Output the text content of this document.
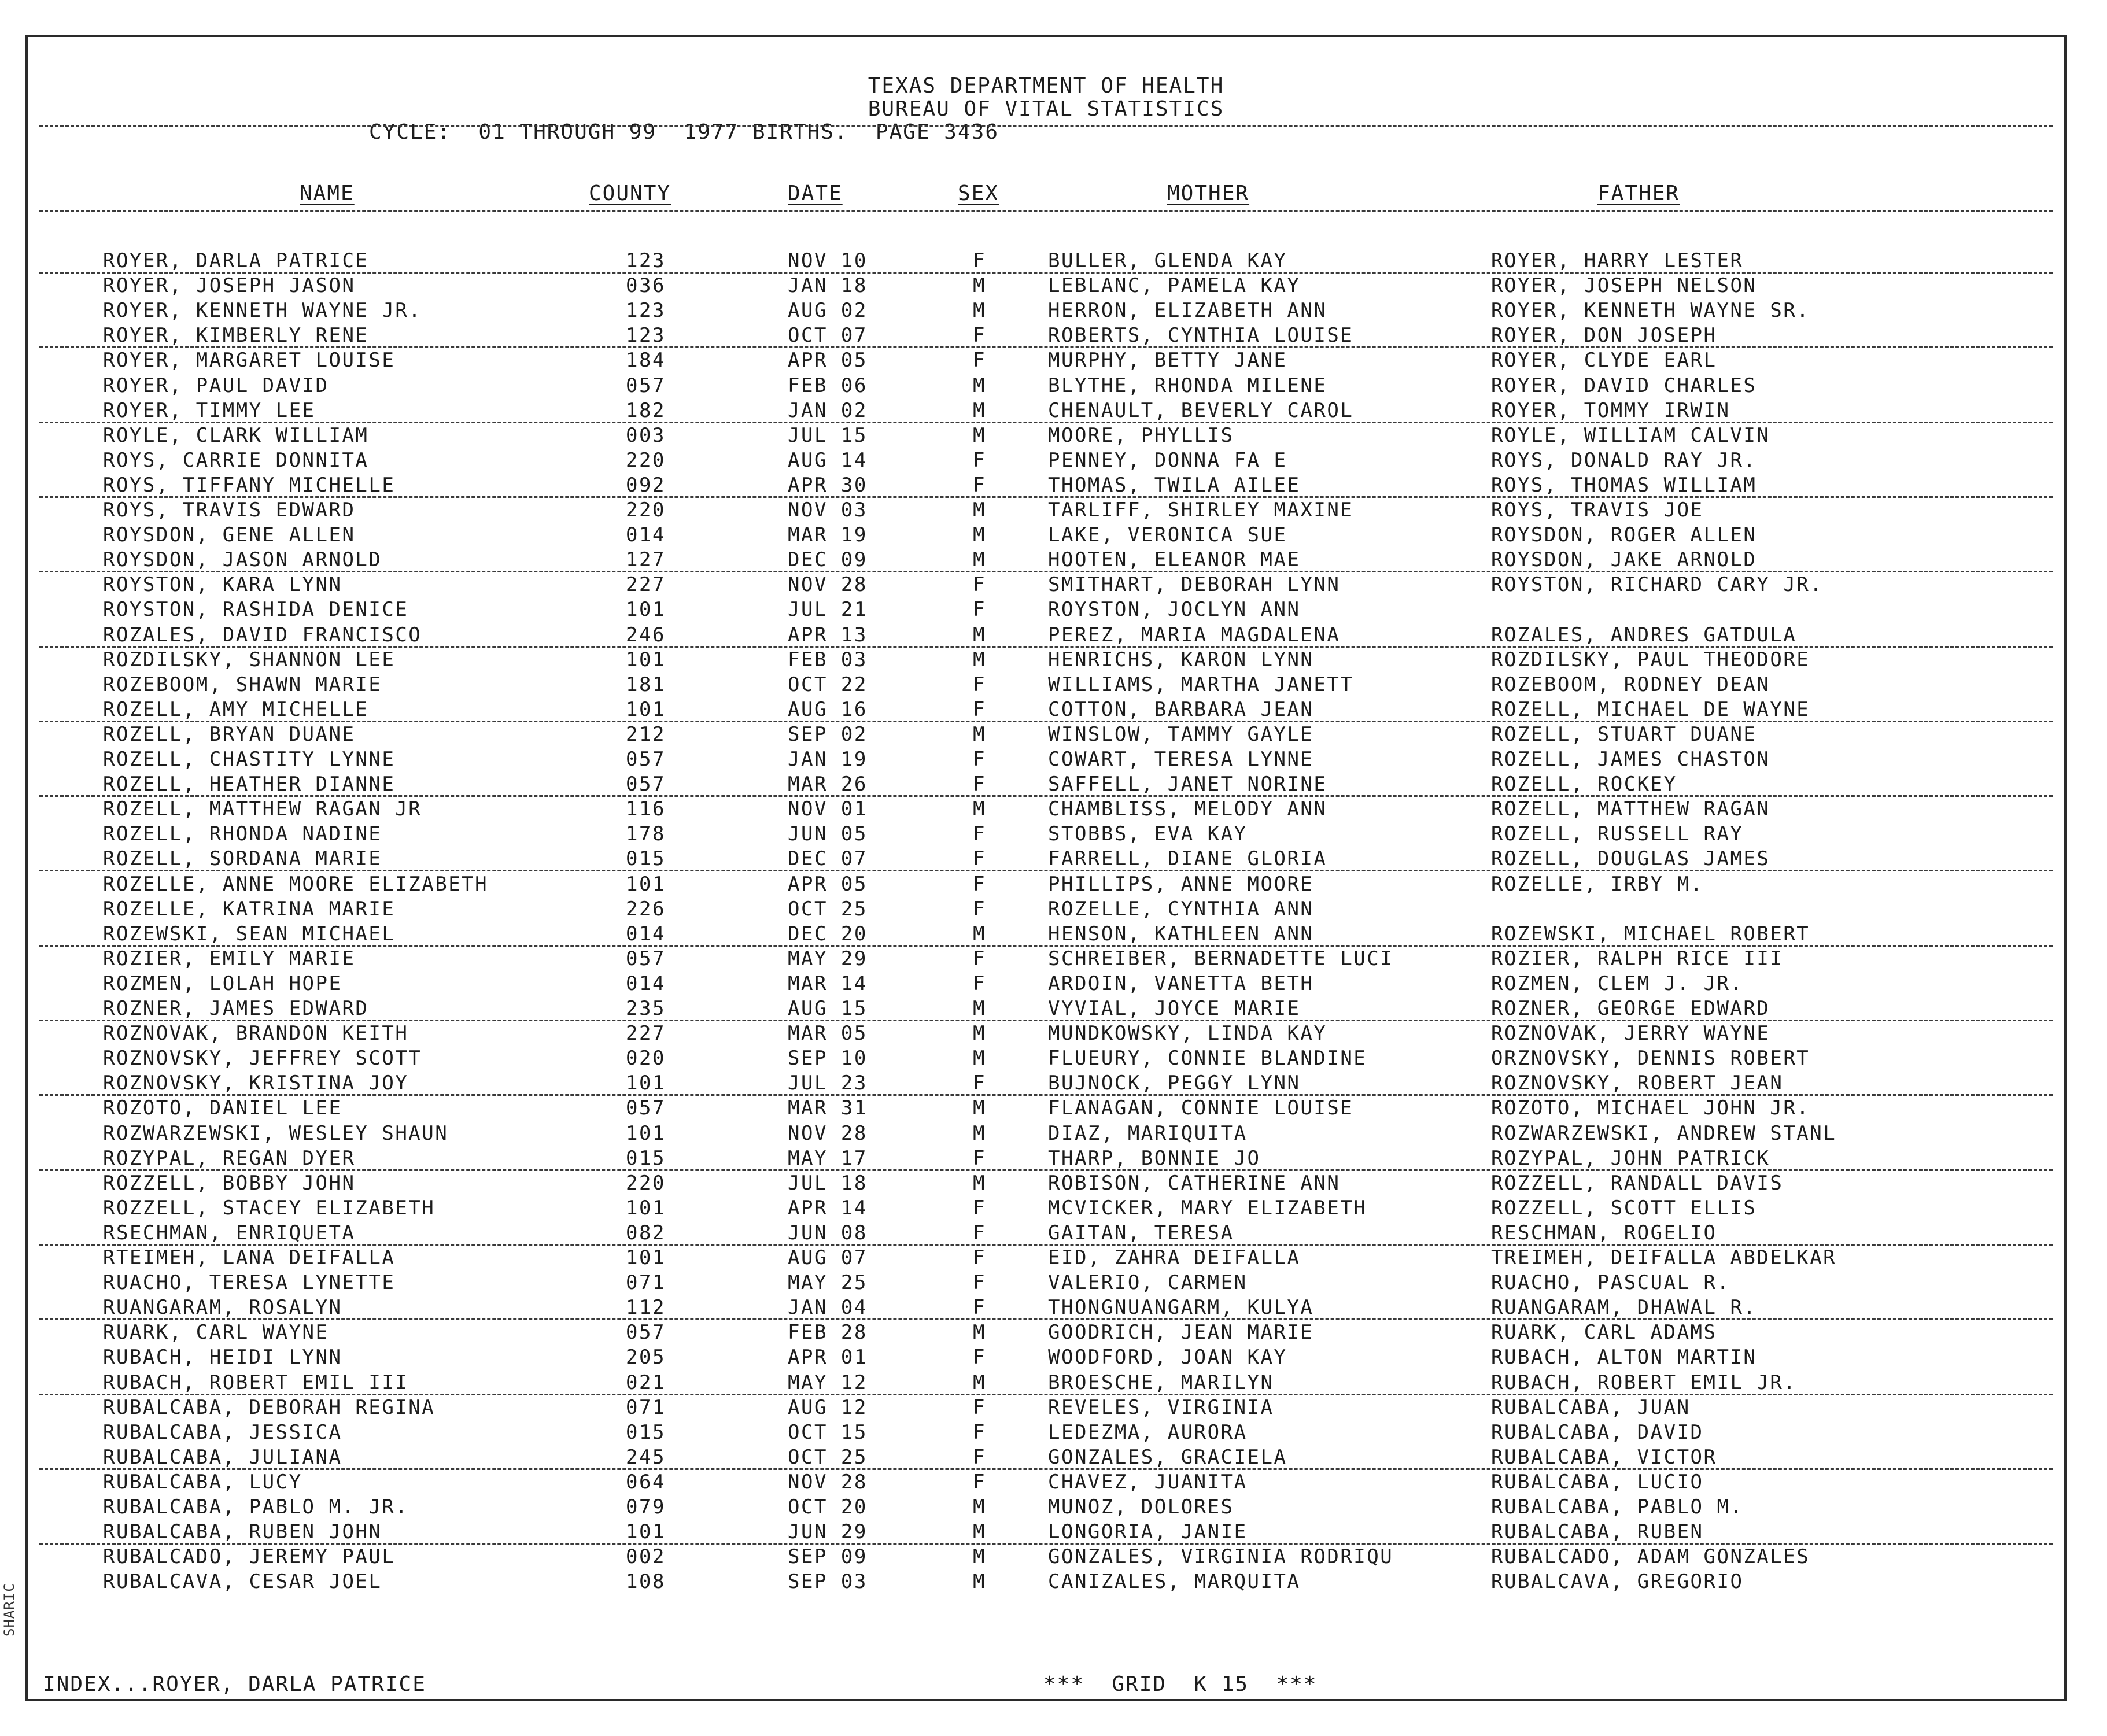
TEXAS DEPARTMENT OF HEALTH
BUREAU OF VITAL STATISTICS
CYCLE:  01 THROUGH 99  1977 BIRTHS.  PAGE 3436
NAME	COUNTY	DATE	SEX	MOTHER	FATHER
ROYER, DARLA PATRICE	123	NOV 10	F	BULLER, GLENDA KAY	ROYER, HARRY LESTER
ROYER, JOSEPH JASON	036	JAN 18	M	LEBLANC, PAMELA KAY	ROYER, JOSEPH NELSON
ROYER, KENNETH WAYNE JR.	123	AUG 02	M	HERRON, ELIZABETH ANN	ROYER, KENNETH WAYNE SR.
ROYER, KIMBERLY RENE	123	OCT 07	F	ROBERTS, CYNTHIA LOUISE	ROYER, DON JOSEPH
ROYER, MARGARET LOUISE	184	APR 05	F	MURPHY, BETTY JANE	ROYER, CLYDE EARL
ROYER, PAUL DAVID	057	FEB 06	M	BLYTHE, RHONDA MILENE	ROYER, DAVID CHARLES
ROYER, TIMMY LEE	182	JAN 02	M	CHENAULT, BEVERLY CAROL	ROYER, TOMMY IRWIN
ROYLE, CLARK WILLIAM	003	JUL 15	M	MOORE, PHYLLIS	ROYLE, WILLIAM CALVIN
ROYS, CARRIE DONNITA	220	AUG 14	F	PENNEY, DONNA FA E	ROYS, DONALD RAY JR.
ROYS, TIFFANY MICHELLE	092	APR 30	F	THOMAS, TWILA AILEE	ROYS, THOMAS WILLIAM
ROYS, TRAVIS EDWARD	220	NOV 03	M	TARLIFF, SHIRLEY MAXINE	ROYS, TRAVIS JOE
ROYSDON, GENE ALLEN	014	MAR 19	M	LAKE, VERONICA SUE	ROYSDON, ROGER ALLEN
ROYSDON, JASON ARNOLD	127	DEC 09	M	HOOTEN, ELEANOR MAE	ROYSDON, JAKE ARNOLD
ROYSTON, KARA LYNN	227	NOV 28	F	SMITHART, DEBORAH LYNN	ROYSTON, RICHARD CARY JR.
ROYSTON, RASHIDA DENICE	101	JUL 21	F	ROYSTON, JOCLYN ANN
ROZALES, DAVID FRANCISCO	246	APR 13	M	PEREZ, MARIA MAGDALENA	ROZALES, ANDRES GATDULA
ROZDILSKY, SHANNON LEE	101	FEB 03	M	HENRICHS, KARON LYNN	ROZDILSKY, PAUL THEODORE
ROZEBOOM, SHAWN MARIE	181	OCT 22	F	WILLIAMS, MARTHA JANETT	ROZEBOOM, RODNEY DEAN
ROZELL, AMY MICHELLE	101	AUG 16	F	COTTON, BARBARA JEAN	ROZELL, MICHAEL DE WAYNE
ROZELL, BRYAN DUANE	212	SEP 02	M	WINSLOW, TAMMY GAYLE	ROZELL, STUART DUANE
ROZELL, CHASTITY LYNNE	057	JAN 19	F	COWART, TERESA LYNNE	ROZELL, JAMES CHASTON
ROZELL, HEATHER DIANNE	057	MAR 26	F	SAFFELL, JANET NORINE	ROZELL, ROCKEY
ROZELL, MATTHEW RAGAN JR	116	NOV 01	M	CHAMBLISS, MELODY ANN	ROZELL, MATTHEW RAGAN
ROZELL, RHONDA NADINE	178	JUN 05	F	STOBBS, EVA KAY	ROZELL, RUSSELL RAY
ROZELL, SORDANA MARIE	015	DEC 07	F	FARRELL, DIANE GLORIA	ROZELL, DOUGLAS JAMES
ROZELLE, ANNE MOORE ELIZABETH	101	APR 05	F	PHILLIPS, ANNE MOORE	ROZELLE, IRBY M.
ROZELLE, KATRINA MARIE	226	OCT 25	F	ROZELLE, CYNTHIA ANN
ROZEWSKI, SEAN MICHAEL	014	DEC 20	M	HENSON, KATHLEEN ANN	ROZEWSKI, MICHAEL ROBERT
ROZIER, EMILY MARIE	057	MAY 29	F	SCHREIBER, BERNADETTE LUCI	ROZIER, RALPH RICE III
ROZMEN, LOLAH HOPE	014	MAR 14	F	ARDOIN, VANETTA BETH	ROZMEN, CLEM J. JR.
ROZNER, JAMES EDWARD	235	AUG 15	M	VYVIAL, JOYCE MARIE	ROZNER, GEORGE EDWARD
ROZNOVAK, BRANDON KEITH	227	MAR 05	M	MUNDKOWSKY, LINDA KAY	ROZNOVAK, JERRY WAYNE
ROZNOVSKY, JEFFREY SCOTT	020	SEP 10	M	FLUEURY, CONNIE BLANDINE	ORZNOVSKY, DENNIS ROBERT
ROZNOVSKY, KRISTINA JOY	101	JUL 23	F	BUJNOCK, PEGGY LYNN	ROZNOVSKY, ROBERT JEAN
ROZOTO, DANIEL LEE	057	MAR 31	M	FLANAGAN, CONNIE LOUISE	ROZOTO, MICHAEL JOHN JR.
ROZWARZEWSKI, WESLEY SHAUN	101	NOV 28	M	DIAZ, MARIQUITA	ROZWARZEWSKI, ANDREW STANL
ROZYPAL, REGAN DYER	015	MAY 17	F	THARP, BONNIE JO	ROZYPAL, JOHN PATRICK
ROZZELL, BOBBY JOHN	220	JUL 18	M	ROBISON, CATHERINE ANN	ROZZELL, RANDALL DAVIS
ROZZELL, STACEY ELIZABETH	101	APR 14	F	MCVICKER, MARY ELIZABETH	ROZZELL, SCOTT ELLIS
RSECHMAN, ENRIQUETA	082	JUN 08	F	GAITAN, TERESA	RESCHMAN, ROGELIO
RTEIMEH, LANA DEIFALLA	101	AUG 07	F	EID, ZAHRA DEIFALLA	TREIMEH, DEIFALLA ABDELKAR
RUACHO, TERESA LYNETTE	071	MAY 25	F	VALERIO, CARMEN	RUACHO, PASCUAL R.
RUANGARAM, ROSALYN	112	JAN 04	F	THONGNUANGARM, KULYA	RUANGARAM, DHAWAL R.
RUARK, CARL WAYNE	057	FEB 28	M	GOODRICH, JEAN MARIE	RUARK, CARL ADAMS
RUBACH, HEIDI LYNN	205	APR 01	F	WOODFORD, JOAN KAY	RUBACH, ALTON MARTIN
RUBACH, ROBERT EMIL III	021	MAY 12	M	BROESCHE, MARILYN	RUBACH, ROBERT EMIL JR.
RUBALCABA, DEBORAH REGINA	071	AUG 12	F	REVELES, VIRGINIA	RUBALCABA, JUAN
RUBALCABA, JESSICA	015	OCT 15	F	LEDEZMA, AURORA	RUBALCABA, DAVID
RUBALCABA, JULIANA	245	OCT 25	F	GONZALES, GRACIELA	RUBALCABA, VICTOR
RUBALCABA, LUCY	064	NOV 28	F	CHAVEZ, JUANITA	RUBALCABA, LUCIO
RUBALCABA, PABLO M. JR.	079	OCT 20	M	MUNOZ, DOLORES	RUBALCABA, PABLO M.
RUBALCABA, RUBEN JOHN	101	JUN 29	M	LONGORIA, JANIE	RUBALCABA, RUBEN
RUBALCADO, JEREMY PAUL	002	SEP 09	M	GONZALES, VIRGINIA RODRIQU	RUBALCADO, ADAM GONZALES
RUBALCAVA, CESAR JOEL	108	SEP 03	M	CANIZALES, MARQUITA	RUBALCAVA, GREGORIO
INDEX...ROYER, DARLA PATRICE	***  GRID  K 15  ***
SHARIC
